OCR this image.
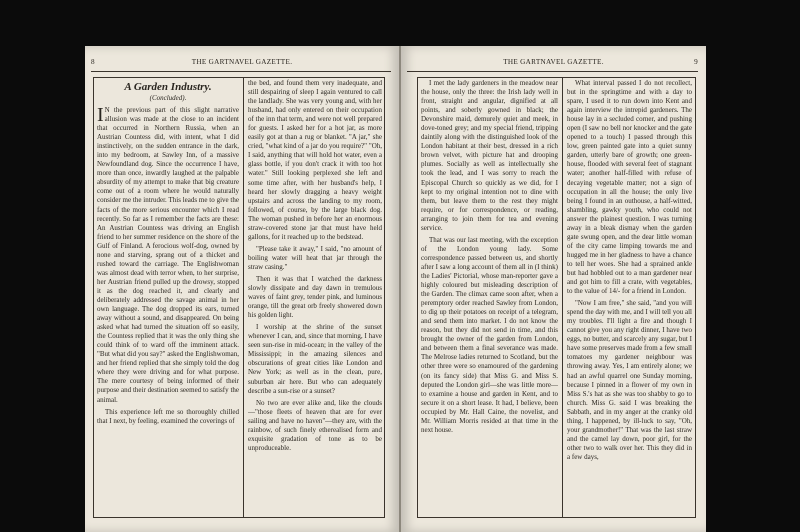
8	THE GARTNAVEL GAZETTE.
A Garden Industry.

(Concluded).

I N the previous part of this slight narrative allusion was made at the close to an incident that occurred in Northern Russia, when an Austrian Countess did, with intent, what I did instinctively, on the sudden entrance in the dark, into my bedroom, at Sawley Inn, of a massive Newfoundland dog. Since the occurrence I have, more than once, inwardly laughed at the palpable absurdity of my attempt to make that big creature come out of a room where he would naturally consider me the intruder. This leads me to give the facts of the more serious encounter which I read recently. So far as I remember the facts are these: An Austrian Countess was driving an English friend to her summer residence on the shore of the Gulf of Finland. A ferocious wolf-dog, owned by none and starving, sprang out of a thicket and rushed toward the carriage. The Englishwoman was almost dead with terror when, to her surprise, her Austrian friend pulled up the drowsy, stopped it as the dog reached it, and clearly and deliberately addressed the savage animal in her own language. The dog dropped its ears, turned away without a sound, and disappeared. On being asked what had turned the situation off so easily, the Countess replied that it was the only thing she could think of to ward off the imminent attack. "But what did you say?" asked the Englishwoman, and her friend replied that she simply told the dog where they were driving and for what purpose. The mere courtesy of being informed of their purpose and their destination seemed to satisfy the animal.

This experience left me so thoroughly chilled that I next, by feeling, examined the coverings of

the bed, and found them very inadequate, and still despairing of sleep I again ventured to call the landlady. She was very young and, with her husband, had only entered on their occupation of the inn that term, and were not well prepared for guests. I asked her for a hot jar, as more easily got at than a rug or blanket. "A jar," she cried, "what kind of a jar do you require?" "Oh, I said, anything that will hold hot water, even a glass bottle, if you don't crack it with too hot water." Still looking perplexed she left and some time after, with her husband's help, I heard her slowly dragging a heavy weight upstairs and across the landing to my room, followed, of course, by the large black dog. The woman pushed in before her an enormous straw-covered stone jar that must have held gallons, for it reached up to the bedstead.

"Please take it away," I said, "no amount of boiling water will heat that jar through the straw casing."

Then it was that I watched the darkness slowly dissipate and day dawn in tremulous waves of faint grey, tender pink, and luminous orange, till the great orb freely showered down his golden light.

I worship at the shrine of the sunset whenever I can, and, since that morning, I have seen sun-rise in mid-ocean; in the valley of the Mississippi; in the amazing silences and obscurations of great cities like London and New York; as well as in the clean, pure, suburban air here. But who can adequately describe a sun-rise or a sunset?

No two are ever alike and, like the clouds—"those fleets of heaven that are for ever sailing and have no haven"—they are, with the rainbow, of such finely etherealised form and exquisite gradation of tone as to be unproduceable.

THE GARTNAVEL GAZETTE.	9

I met the lady gardeners in the meadow near the house, only the three: the Irish lady well in front, straight and angular, dignified at all points, and soberly gowned in black; the Devonshire maid, demurely quiet and meek, in dove-toned grey; and my special friend, tripping daintily along with the distinguished look of the London habitant at their best, dressed in a rich brown velvet, with picture hat and drooping plumes. Socially as well as intellectually she took the lead, and I was sorry to reach the Episcopal Church so quickly as we did, for I kept to my original intention not to dine with them, but leave them to the rest they might require, or for correspondence, or reading, arranging to join them for tea and evening service.

That was our last meeting, with the exception of the London young lady. Some correspondence passed between us, and shortly after I saw a long account of them all in (I think) the Ladies' Pictorial, whose man-reporter gave a highly coloured but misleading description of the Garden. The climax came soon after, when a peremptory order reached Sawley from London, to dig up their potatoes on receipt of a telegram, and send them into market. I do not know the reason, but they did not send in time, and this brought the owner of the garden from London, and between them a final severance was made. The Melrose ladies returned to Scotland, but the other three were so enamoured of the gardening (on its fancy side) that Miss G. and Miss S. deputed the London girl—she was little more—to examine a house and garden in Kent, and to secure it on a short lease. It had, I believe, been occupied by Mr. Hall Caine, the novelist, and Mr. William Morris resided at that time in the next house.

What interval passed I do not recollect, but in the springtime and with a day to spare, I used it to run down into Kent and again interview the intrepid gardeners. The house lay in a secluded corner, and pushing open (I saw no bell nor knocker and the gate opened to a touch) I passed through this low, green painted gate into a quiet sunny garden, utterly bare of growth; one green-house, flooded with several feet of stagnant water; another half-filled with refuse of decaying vegetable matter; not a sign of occupation in all the house; the only live being I found in an outhouse, a half-witted, shambling, gawky youth, who could not answer the plainest question. I was turning away in a bleak dismay when the garden gate swung open, and the dear little woman of the city came limping towards me and hugged me in her gladness to have a chance to tell her woes. She had a sprained ankle but had hobbled out to a man gardener near and got him to fill a crate, with vegetables, to the value of 14/- for a friend in London.

"Now I am free," she said, "and you will spend the day with me, and I will tell you all my troubles. I'll light a fire and though I cannot give you any right dinner, I have two eggs, no butter, and scarcely any sugar, but I have some preserves made from a few small tomatoes my gardener neighbour was throwing away. Yes, I am entirely alone; we had an awful quarrel one Sunday morning, because I pinned in a flower of my own in Miss S.'s hat as she was too shabby to go to church. Miss G. said I was breaking the Sabbath, and in my anger at the cranky old thing, I happened, by ill-luck to say, "Oh, your grandmother!" That was the last straw and the camel lay down, poor girl, for the other two to walk over her. This they did in a few days,
